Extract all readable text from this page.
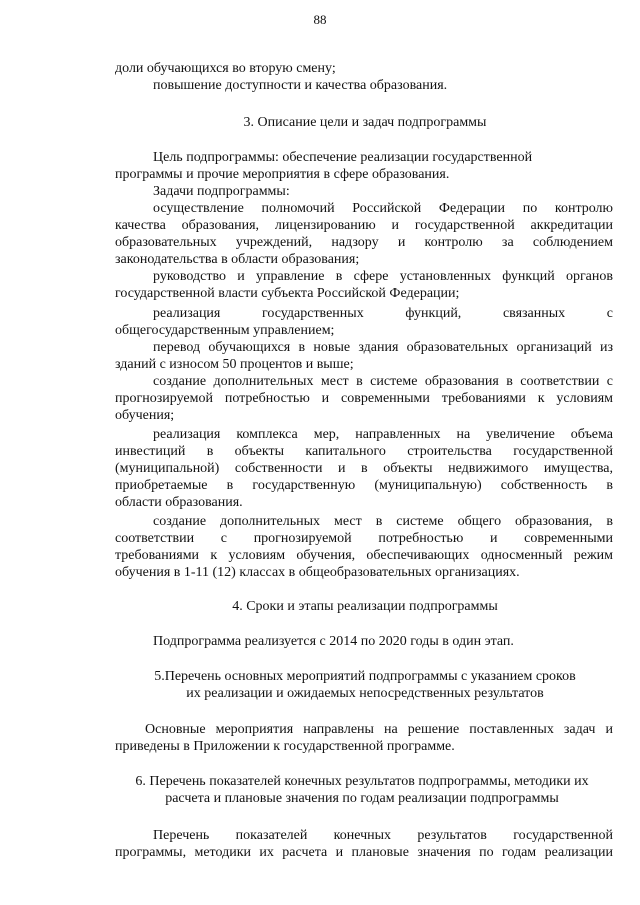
88
доли обучающихся во вторую смену;
повышение доступности и качества образования.
3. Описание цели и задач подпрограммы
Цель подпрограммы: обеспечение реализации государственной
программы и прочие мероприятия в сфере образования.
Задачи подпрограммы:
осуществление полномочий Российской Федерации по контролю
качества образования, лицензированию и государственной аккредитации
образовательных учреждений, надзору и контролю за соблюдением
законодательства в области образования;
руководство и управление в сфере установленных функций органов
государственной власти субъекта Российской Федерации;
реализация государственных функций, связанных с
общегосударственным управлением;
перевод обучающихся в новые здания образовательных организаций из
зданий с износом 50 процентов и выше;
создание дополнительных мест в системе образования в соответствии с
прогнозируемой потребностью и современными требованиями к условиям
обучения;
реализация комплекса мер, направленных на увеличение объема
инвестиций в объекты капитального строительства государственной
(муниципальной) собственности и в объекты недвижимого имущества,
приобретаемые в государственную (муниципальную) собственность в
области образования.
создание дополнительных мест в системе общего образования, в
соответствии с прогнозируемой потребностью и современными
требованиями к условиям обучения, обеспечивающих односменный режим
обучения в 1-11 (12) классах в общеобразовательных организациях.
4. Сроки и этапы реализации подпрограммы
Подпрограмма реализуется с 2014 по 2020 годы в один этап.
5.Перечень основных мероприятий подпрограммы с указанием сроков
их реализации и ожидаемых непосредственных результатов
Основные мероприятия направлены на решение поставленных задач и
приведены в Приложении к государственной программе.
6. Перечень показателей конечных результатов подпрограммы, методики их
расчета и плановые значения по годам реализации подпрограммы
Перечень показателей конечных результатов государственной
программы, методики их расчета и плановые значения по годам реализации
